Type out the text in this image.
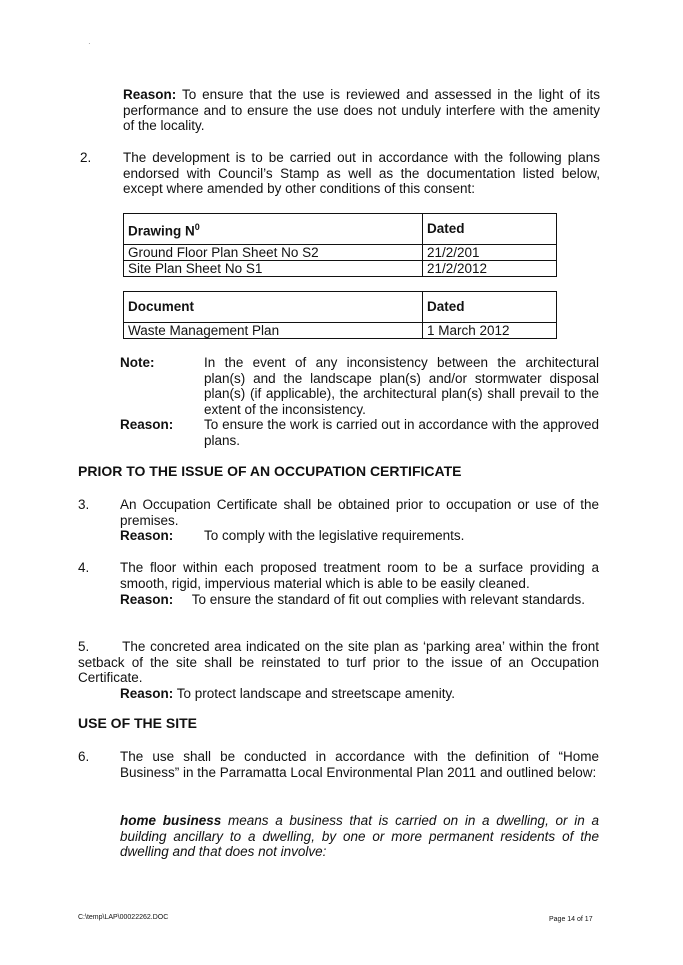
·
Reason: To ensure that the use is reviewed and assessed in the light of its performance and to ensure the use does not unduly interfere with the amenity of the locality.
2. The development is to be carried out in accordance with the following plans endorsed with Council’s Stamp as well as the documentation listed below, except where amended by other conditions of this consent:
Drawing $N^0$	Dated
Ground Floor Plan Sheet No S2	21/2/201
Site Plan Sheet No S1	21/2/2012
Document	Dated
Waste Management Plan	1 March 2012
Note:	In the event of any inconsistency between the architectural plan(s) and the landscape plan(s) and/or stormwater disposal plan(s) (if applicable), the architectural plan(s) shall prevail to the extent of the inconsistency.
Reason: To ensure the work is carried out in accordance with the approved plans.
PRIOR TO THE ISSUE OF AN OCCUPATION CERTIFICATE
3. An Occupation Certificate shall be obtained prior to occupation or use of the premises.
Reason: To comply with the legislative requirements.
4. The floor within each proposed treatment room to be a surface providing a smooth, rigid, impervious material which is able to be easily cleaned.
Reason: To ensure the standard of fit out complies with relevant standards.
5. The concreted area indicated on the site plan as ‘parking area’ within the front setback of the site shall be reinstated to turf prior to the issue of an Occupation Certificate.
Reason: To protect landscape and streetscape amenity.
USE OF THE SITE
6. The use shall be conducted in accordance with the definition of “Home Business” in the Parramatta Local Environmental Plan 2011 and outlined below:
home business means a business that is carried on in a dwelling, or in a building ancillary to a dwelling, by one or more permanent residents of the dwelling and that does not involve:
C:\temp\LAP\00022262.DOC	Page 14 of 17
